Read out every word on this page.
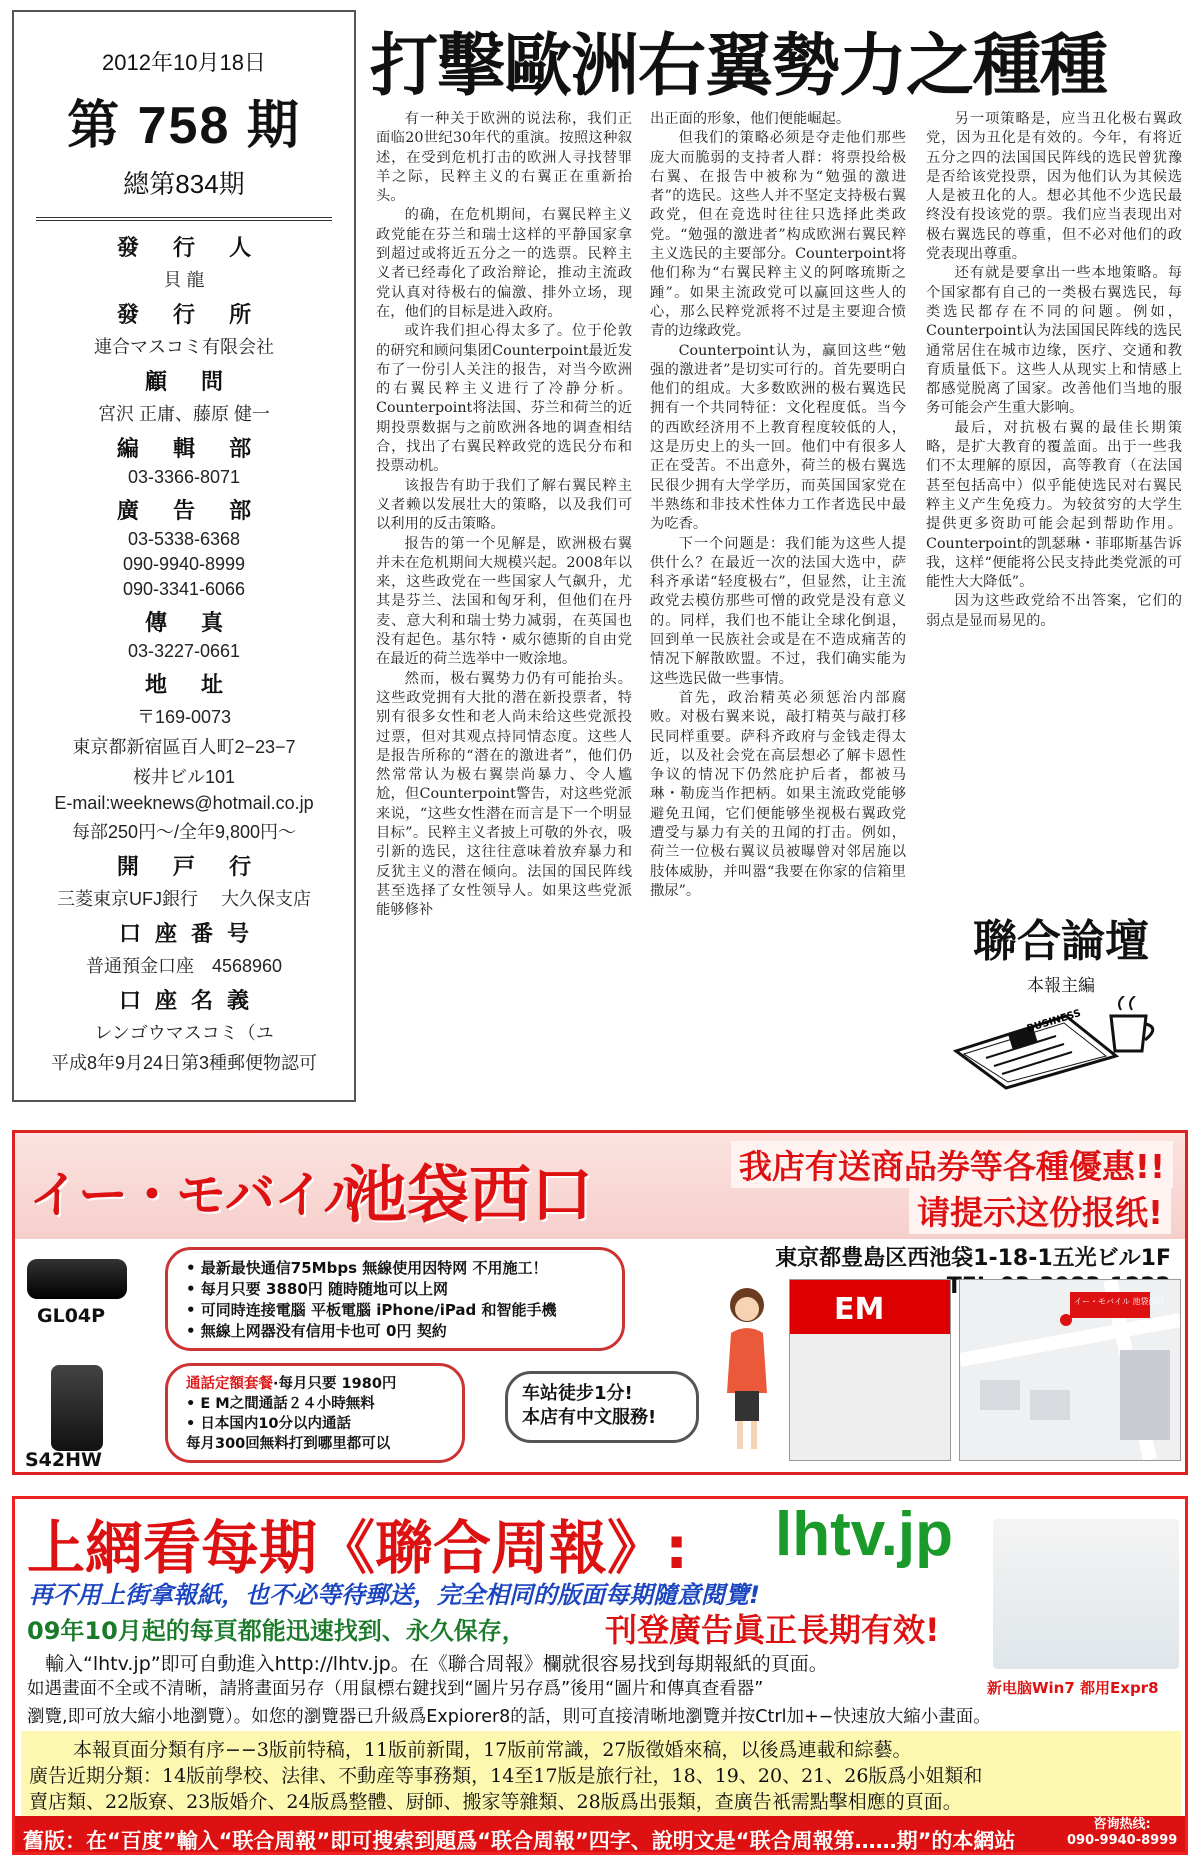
2012年10月18日
第 758 期
總第834期
發 行 人
貝 龍
發 行 所
連合マスコミ有限会社
顧 問
宮沢 正庸、藤原 健一
編 輯 部
03-3366-8071
廣 告 部
03-5338-6368
090-9940-8999
090-3341-6066
傳 真
03-3227-0661
地 址
〒169-0073
東京都新宿區百人町2−23−7
桜井ビル101
E-mail:weeknews@hotmail.co.jp
每部250円〜/全年9,800円〜
開 戸 行
三菱東京UFJ銀行　 大久保支店
口座番号
普通預金口座　4568960
口座名義
レンゴウマスコミ（ユ
平成8年9月24日第3種郵便物認可
打擊歐洲右翼勢力之種種

有一种关于欧洲的说法称，我们正面临20世纪30年代的重演。按照这种叙述，在受到危机打击的欧洲人寻找替罪羊之际，民粹主义的右翼正在重新抬头。

的确，在危机期间，右翼民粹主义政党能在芬兰和瑞士这样的平静国家拿到超过或将近五分之一的选票。民粹主义者已经毒化了政治辩论，推动主流政党认真对待极右的偏激、排外立场，现在，他们的目标是进入政府。

或许我们担心得太多了。位于伦敦的研究和顾问集团Counterpoint最近发布了一份引人关注的报告，对当今欧洲的右翼民粹主义进行了冷静分析。Counterpoint将法国、芬兰和荷兰的近期投票数据与之前欧洲各地的调查相结合，找出了右翼民粹政党的选民分布和投票动机。

该报告有助于我们了解右翼民粹主义者赖以发展壮大的策略，以及我们可以利用的反击策略。

报告的第一个见解是，欧洲极右翼并未在危机期间大规模兴起。2008年以来，这些政党在一些国家人气飙升，尤其是芬兰、法国和匈牙利，但他们在丹麦、意大利和瑞士势力减弱，在英国也没有起色。基尔特・威尔德斯的自由党在最近的荷兰选举中一败涂地。

然而，极右翼势力仍有可能抬头。这些政党拥有大批的潜在新投票者，特别有很多女性和老人尚未给这些党派投过票，但对其观点持同情态度。这些人是报告所称的“潜在的激进者”，他们仍然常常认为极右翼崇尚暴力、令人尴尬，但Counterpoint警告，对这些党派来说，“这些女性潜在而言是下一个明显目标”。民粹主义者披上可敬的外衣，吸引新的选民，这往往意味着放弃暴力和反犹主义的潜在倾向。法国的国民阵线甚至选择了女性领导人。如果这些党派能够修补

出正面的形象，他们便能崛起。

但我们的策略必须是夺走他们那些庞大而脆弱的支持者人群：将票投给极右翼、在报告中被称为“勉强的激进者”的选民。这些人并不坚定支持极右翼政党，但在竞选时往往只选择此类政党。“勉强的激进者”构成欧洲右翼民粹主义选民的主要部分。Counterpoint将他们称为“右翼民粹主义的阿喀琉斯之踵”。如果主流政党可以赢回这些人的心，那么民粹党派将不过是主要迎合愤青的边缘政党。

Counterpoint认为，赢回这些“勉强的激进者”是切实可行的。首先要明白他们的组成。大多数欧洲的极右翼选民拥有一个共同特征：文化程度低。当今的西欧经济用不上教育程度较低的人，这是历史上的头一回。他们中有很多人正在受苦。不出意外，荷兰的极右翼选民很少拥有大学学历，而英国国家党在半熟练和非技术性体力工作者选民中最为吃香。

下一个问题是：我们能为这些人提供什么？在最近一次的法国大选中，萨科齐承诺“轻度极右”，但显然，让主流政党去模仿那些可憎的政党是没有意义的。同样，我们也不能让全球化倒退，回到单一民族社会或是在不造成痛苦的情况下解散欧盟。不过，我们确实能为这些选民做一些事情。

首先，政治精英必须惩治内部腐败。对极右翼来说，敲打精英与敲打移民同样重要。萨科齐政府与金钱走得太近，以及社会党在高层想必了解卡恩性争议的情况下仍然庇护后者，都被马琳・勒庞当作把柄。如果主流政党能够避免丑闻，它们便能够坐视极右翼政党遭受与暴力有关的丑闻的打击。例如，荷兰一位极右翼议员被曝曾对邻居施以肢体威胁，并叫嚣“我要在你家的信箱里撒尿”。

另一项策略是，应当丑化极右翼政党，因为丑化是有效的。今年，有将近五分之四的法国国民阵线的选民曾犹豫是否给该党投票，因为他们认为其候选人是被丑化的人。想必其他不少选民最终没有投该党的票。我们应当表现出对极右翼选民的尊重，但不必对他们的政党表现出尊重。

还有就是要拿出一些本地策略。每个国家都有自己的一类极右翼选民，每类选民都存在不同的问题。例如，Counterpoint认为法国国民阵线的选民通常居住在城市边缘，医疗、交通和教育质量低下。这些人从现实上和情感上都感觉脱离了国家。改善他们当地的服务可能会产生重大影响。

最后，对抗极右翼的最佳长期策略，是扩大教育的覆盖面。出于一些我们不太理解的原因，高等教育（在法国甚至包括高中）似乎能使选民对右翼民粹主义产生免疫力。为较贫穷的大学生提供更多资助可能会起到帮助作用。Counterpoint的凯瑟琳・菲耶斯基告诉我，这样“便能将公民支持此类党派的可能性大大降低”。

因为这些政党给不出答案，它们的弱点是显而易见的。

聯合論壇
本報主編
BUSINESS
イー・モバイル
池袋西口	我店有送商品券等各種優惠!!
请提示这份报纸!
東京都豊島区西池袋1-18-1五光ビル1F
GL04P
S42HW
• 最新最快通信75Mbps 無線使用因特网 不用施工！
• 每月只要 3880円 随時随地可以上网
• 可同時连接電腦 平板電腦 iPhone/iPad 和智能手機
• 無線上网器没有信用卡也可 0円 契約
通話定額套餐·每月只要 1980円
• E M之間通話２４小時無料
• 日本国内10分以内通話
每月300回無料打到哪里都可以
车站徒步1分!
本店有中文服務!
EM	イー・モバイル 池袋西口
上網看每期《聯合周報》: lhtv.jp
再不用上街拿報紙，也不必等待郵送，完全相同的版面每期隨意閱覽!
09年10月起的每頁都能迅速找到、永久保存， 刊登廣告眞正長期有效!
輸入“lhtv.jp”即可自動進入http://lhtv.jp。在《聯合周報》欄就很容易找到每期報紙的頁面。
如遇畫面不全或不清晰，請將畫面另存（用鼠標右鍵找到“圖片另存爲”後用“圖片和傳真查看器”	新电脑Win7 都用Expr8
瀏覽,即可放大縮小地瀏覽）。如您的瀏覽器已升級爲Expiorer8的話，則可直接清晰地瀏覽并按Ctrl加+−快速放大縮小畫面。
本報頁面分類有序−−3版前特稿，11版前新聞，17版前常識，27版徵婚來稿，以後爲連載和綜藝。
廣告近期分類：14版前學校、法律、不動産等事務類，14至17版是旅行社，18、19、20、21、26版爲小姐類和
賣店類、22版寮、23版婚介、24版爲整體、厨師、搬家等雜類、28版爲出張類，查廣告衹需點擊相應的頁面。
舊版：在“百度”輸入“联合周報”即可搜索到題爲“联合周報”四字、說明文是“联合周報第……期”的本網站
咨询热线:
090-9940-8999
